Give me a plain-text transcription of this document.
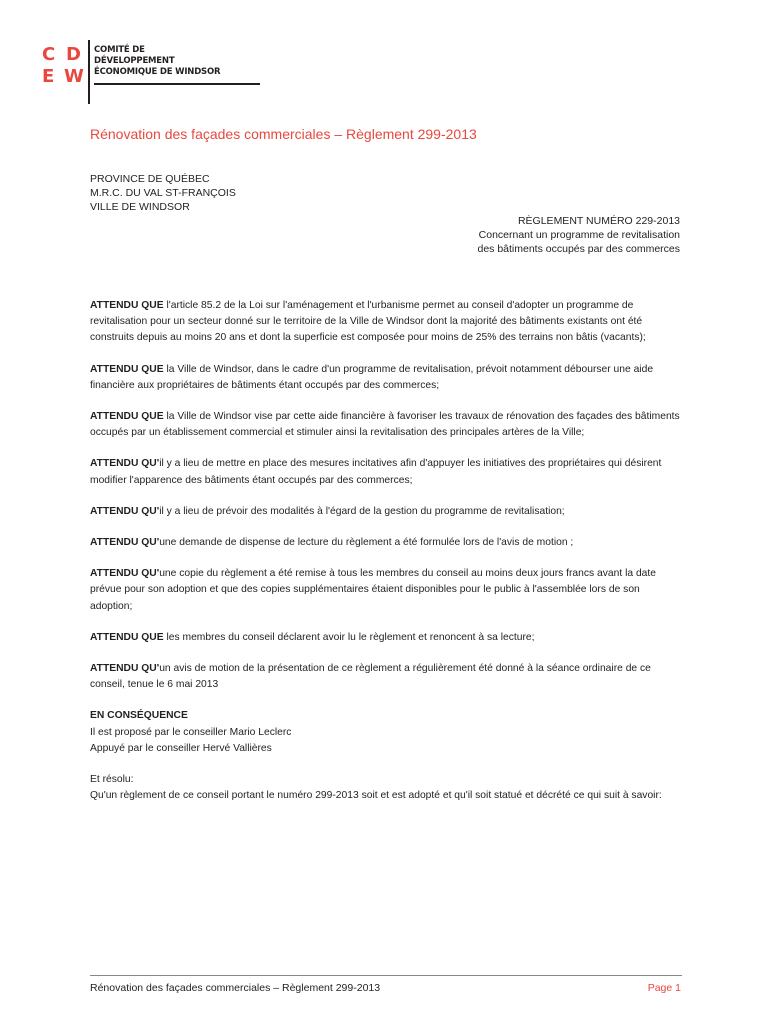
C D
E W
COMITÉ DE
DÉVELOPPEMENT
ÉCONOMIQUE DE WINDSOR
Rénovation des façades commerciales – Règlement 299-2013
PROVINCE DE QUÉBEC
M.R.C. DU VAL ST-FRANÇOIS
VILLE DE WINDSOR
RÈGLEMENT NUMÉRO 229-2013
Concernant un programme de revitalisation
des bâtiments occupés par des commerces

ATTENDU QUE l'article 85.2 de la Loi sur l'aménagement et l'urbanisme permet au conseil d'adopter un programme de revitalisation pour un secteur donné sur le territoire de la Ville de Windsor dont la majorité des bâtiments existants ont été construits depuis au moins 20 ans et dont la superficie est composée pour moins de 25% des terrains non bâtis (vacants);

ATTENDU QUE la Ville de Windsor, dans le cadre d'un programme de revitalisation, prévoit notamment débourser une aide financière aux propriétaires de bâtiments étant occupés par des commerces;

ATTENDU QUE la Ville de Windsor vise par cette aide financière à favoriser les travaux de rénovation des façades des bâtiments occupés par un établissement commercial et stimuler ainsi la revitalisation des principales artères de la Ville;

ATTENDU QU'il y a lieu de mettre en place des mesures incitatives afin d'appuyer les initiatives des propriétaires qui désirent modifier l'apparence des bâtiments étant occupés par des commerces;

ATTENDU QU'il y a lieu de prévoir des modalités à l'égard de la gestion du programme de revitalisation;

ATTENDU QU'une demande de dispense de lecture du règlement a été formulée lors de l'avis de motion ;

ATTENDU QU'une copie du règlement a été remise à tous les membres du conseil au moins deux jours francs avant la date prévue pour son adoption et que des copies supplémentaires étaient disponibles pour le public à l'assemblée lors de son adoption;

ATTENDU QUE les membres du conseil déclarent avoir lu le règlement et renoncent à sa lecture;

ATTENDU QU'un avis de motion de la présentation de ce règlement a régulièrement été donné à la séance ordinaire de ce conseil, tenue le 6 mai 2013

EN CONSÉQUENCE
Il est proposé par le conseiller Mario Leclerc
Appuyé par le conseiller Hervé Vallières
Et résolu:
Qu'un règlement de ce conseil portant le numéro 299-2013 soit et est adopté et qu'il soit statué et décrété ce qui suit à savoir:
Rénovation des façades commerciales – Règlement 299-2013	Page 1
